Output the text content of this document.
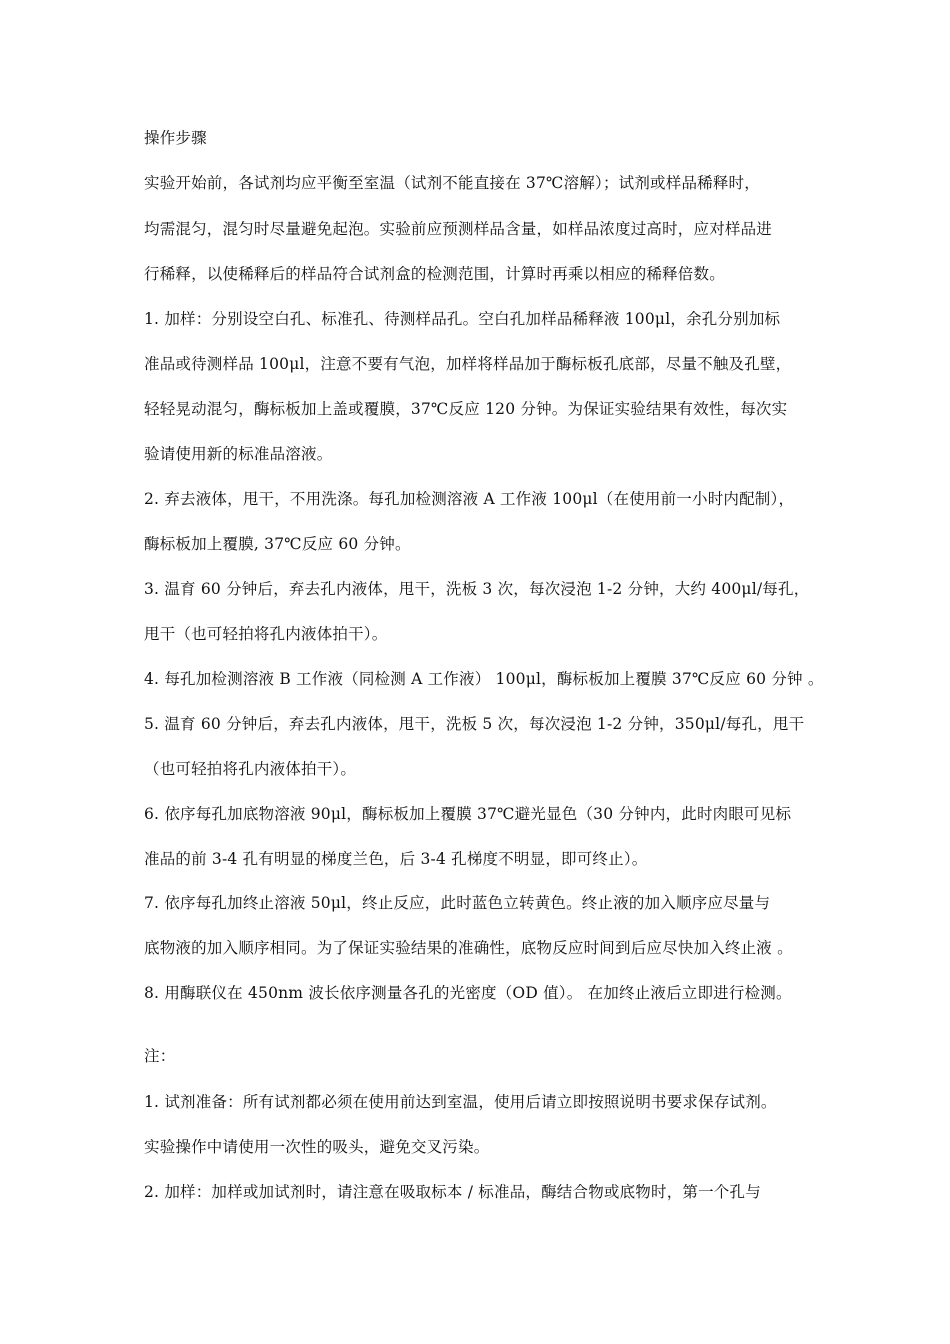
操作步骤
实验开始前，各试剂均应平衡至室温（试剂不能直接在 37℃溶解）；试剂或样品稀释时，
均需混匀，混匀时尽量避免起泡。实验前应预测样品含量，如样品浓度过高时，应对样品进
行稀释，以使稀释后的样品符合试剂盒的检测范围，计算时再乘以相应的稀释倍数。
1. 加样：分别设空白孔、标准孔、待测样品孔。空白孔加样品稀释液 100μl，余孔分别加标
准品或待测样品 100μl，注意不要有气泡，加样将样品加于酶标板孔底部，尽量不触及孔壁，
轻轻晃动混匀，酶标板加上盖或覆膜，37℃反应 120 分钟。为保证实验结果有效性，每次实
验请使用新的标准品溶液。
2. 弃去液体，甩干，不用洗涤。每孔加检测溶液 A 工作液 100μl（在使用前一小时内配制），
酶标板加上覆膜, 37℃反应 60 分钟。
3. 温育 60 分钟后，弃去孔内液体，甩干，洗板 3 次，每次浸泡 1-2 分钟，大约 400μl/每孔，
甩干（也可轻拍将孔内液体拍干）。
4. 每孔加检测溶液 B 工作液（同检测 A 工作液） 100μl，酶标板加上覆膜 37℃反应 60 分钟 。
5. 温育 60 分钟后，弃去孔内液体，甩干，洗板 5 次，每次浸泡 1-2 分钟，350μl/每孔，甩干
（也可轻拍将孔内液体拍干）。
6. 依序每孔加底物溶液 90μl，酶标板加上覆膜 37℃避光显色（30 分钟内，此时肉眼可见标
准品的前 3-4 孔有明显的梯度兰色，后 3-4 孔梯度不明显，即可终止）。
7. 依序每孔加终止溶液 50μl，终止反应，此时蓝色立转黄色。终止液的加入顺序应尽量与
底物液的加入顺序相同。为了保证实验结果的准确性，底物反应时间到后应尽快加入终止液 。
8. 用酶联仪在 450nm 波长依序测量各孔的光密度（OD 值）。 在加终止液后立即进行检测。
注：
1. 试剂准备：所有试剂都必须在使用前达到室温，使用后请立即按照说明书要求保存试剂。
实验操作中请使用一次性的吸头，避免交叉污染。
2. 加样：加样或加试剂时，请注意在吸取标本 / 标准品，酶结合物或底物时，第一个孔与
